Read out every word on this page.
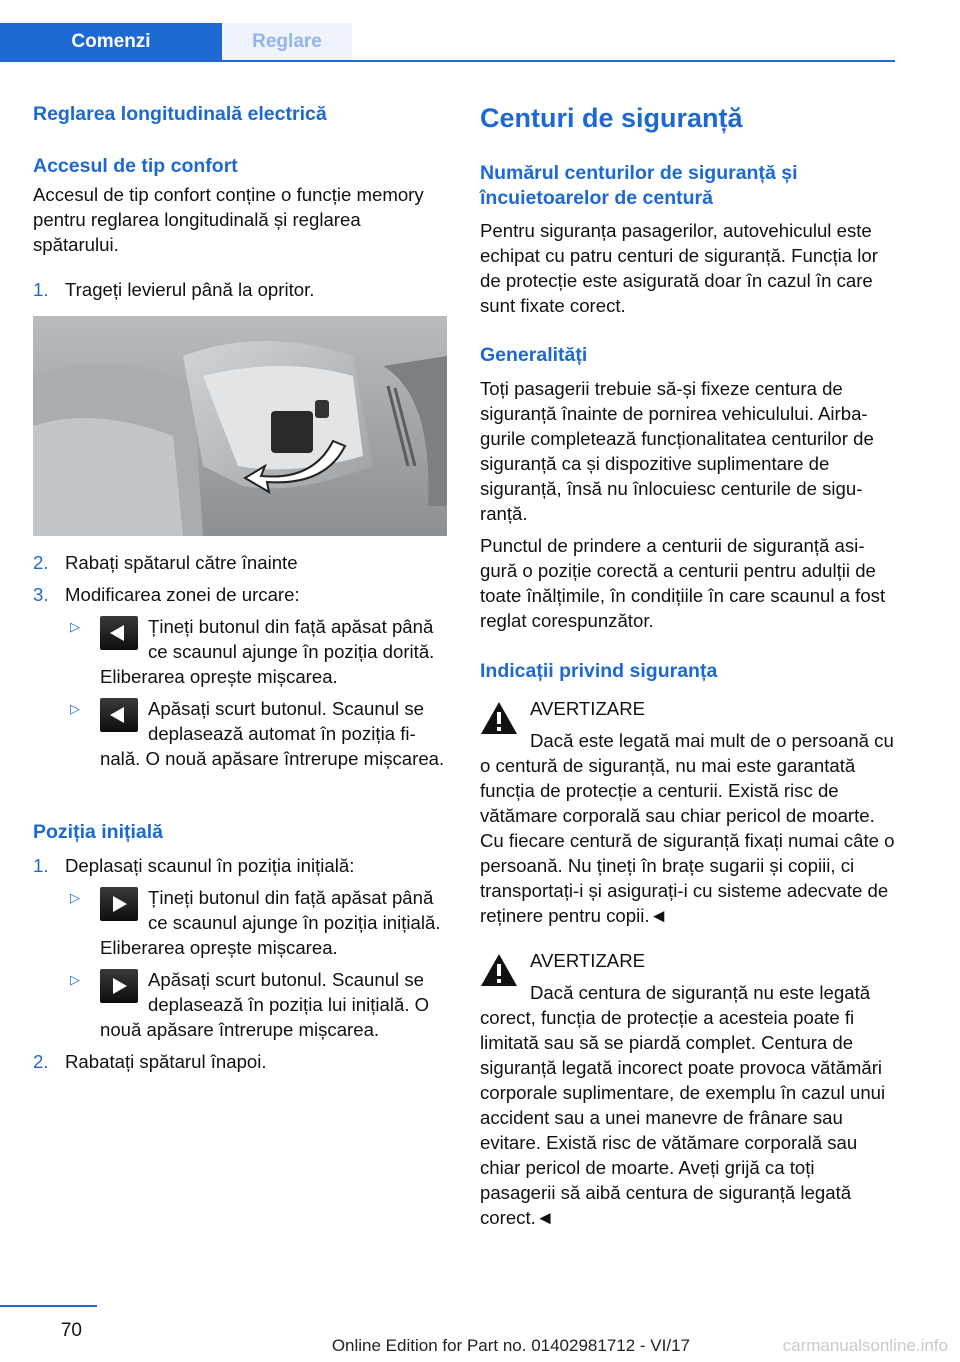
Comenzi	Reglare
Reglarea longitudinală electrică
Accesul de tip confort
Accesul de tip confort conține o funcție memory pentru reglarea longitudinală și reglarea spătarului.
1. Trageți levierul până la opritor.
2. Rabați spătarul către înainte
3. Modificarea zonei de urcare:
▷	Țineți butonul din față apăsat până ce scaunul ajunge în poziția dorită. Eliberarea oprește mișcarea.
▷	Apăsați scurt butonul. Scaunul se deplasează automat în poziția finală. O nouă apăsare întrerupe mișcarea.
Poziția inițială
1. Deplasați scaunul în poziția inițială:
▷	Țineți butonul din față apăsat până ce scaunul ajunge în poziția inițială. Eliberarea oprește mișcarea.
▷	Apăsați scurt butonul. Scaunul se deplasează în poziția lui inițială. O nouă apăsare întrerupe mișcarea.
2. Rabatați spătarul înapoi.
Centuri de siguranță
Numărul centurilor de siguranță și încuietoarelor de centură
Pentru siguranța pasagerilor, autovehiculul este echipat cu patru centuri de siguranță. Funcția lor de protecție este asigurată doar în cazul în care sunt fixate corect.
Generalități
Toți pasagerii trebuie să-și fixeze centura de siguranță înainte de pornirea vehiculului. Airbagurile completează funcționalitatea centurilor de siguranță ca și dispozitive suplimentare de siguranță, însă nu înlocuiesc centurile de siguranță.
Punctul de prindere a centurii de siguranță asigură o poziție corectă a centurii pentru adulții de toate înălțimile, în condițiile în care scaunul a fost reglat corespunzător.
Indicații privind siguranța
AVERTIZARE
Dacă este legată mai mult de o persoană cu o centură de siguranță, nu mai este garantată funcția de protecție a centurii. Există risc de vătămare corporală sau chiar pericol de moarte. Cu fiecare centură de siguranță fixați numai câte o persoană. Nu țineți în brațe sugarii și copiii, ci transportați-i și asigurați-i cu sisteme adecvate de reținere pentru copii.◄
AVERTIZARE
Dacă centura de siguranță nu este legată corect, funcția de protecție a acesteia poate fi limitată sau să se piardă complet. Centura de siguranță legată incorect poate provoca vătămări corporale suplimentare, de exemplu în cazul unui accident sau a unei manevre de frânare sau evitare. Există risc de vătămare corporală sau chiar pericol de moarte. Aveți grijă ca toți pasagerii să aibă centura de siguranță legată corect.◄
70
Online Edition for Part no. 01402981712 - VI/17	carmanualsonline.info
